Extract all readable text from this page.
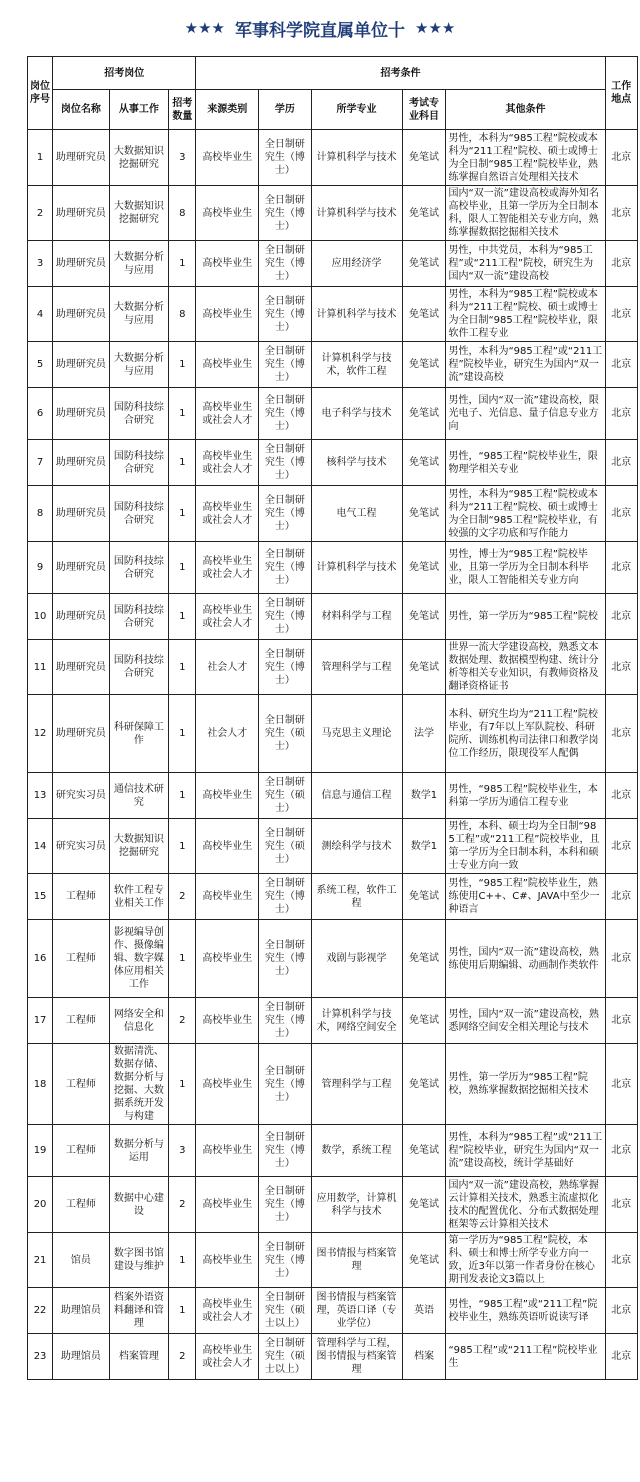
★★★ 军事科学院直属单位十 ★★★
岗位序号	招考岗位			招考条件					工作地点
	岗位名称	从事工作	招考数量	来源类别	学历	所学专业	考试专业科目	其他条件	
1	助理研究员	大数据知识挖掘研究	3	高校毕业生	全日制研究生（博士）	计算机科学与技术	免笔试	男性，本科为“985工程”院校或本科为“211工程”院校、硕士或博士为全日制“985工程”院校毕业，熟练掌握自然语言处理相关技术	北京
2	助理研究员	大数据知识挖掘研究	8	高校毕业生	全日制研究生（博士）	计算机科学与技术	免笔试	国内“双一流”建设高校或海外知名高校毕业，且第一学历为全日制本科，限人工智能相关专业方向，熟练掌握数据挖掘相关技术	北京
3	助理研究员	大数据分析与应用	1	高校毕业生	全日制研究生（博士）	应用经济学	免笔试	男性，中共党员，本科为“985工程”或“211工程”院校，研究生为国内“双一流”建设高校	北京
4	助理研究员	大数据分析与应用	8	高校毕业生	全日制研究生（博士）	计算机科学与技术	免笔试	男性，本科为“985工程”院校或本科为“211工程”院校、硕士或博士为全日制“985工程”院校毕业，限软件工程专业	北京
5	助理研究员	大数据分析与应用	1	高校毕业生	全日制研究生（博士）	计算机科学与技术，软件工程	免笔试	男性，本科为“985工程”或“211工程”院校毕业，研究生为国内“双一流”建设高校	北京
6	助理研究员	国防科技综合研究	1	高校毕业生或社会人才	全日制研究生（博士）	电子科学与技术	免笔试	男性，国内“双一流”建设高校，限光电子、光信息、量子信息专业方向	北京
7	助理研究员	国防科技综合研究	1	高校毕业生或社会人才	全日制研究生（博士）	核科学与技术	免笔试	男性，“985工程”院校毕业生，限物理学相关专业	北京
8	助理研究员	国防科技综合研究	1	高校毕业生或社会人才	全日制研究生（博士）	电气工程	免笔试	男性，本科为“985工程”院校或本科为“211工程”院校、硕士或博士为全日制“985工程”院校毕业，有较强的文字功底和写作能力	北京
9	助理研究员	国防科技综合研究	1	高校毕业生或社会人才	全日制研究生（博士）	计算机科学与技术	免笔试	男性，博士为“985工程”院校毕业，且第一学历为全日制本科毕业，限人工智能相关专业方向	北京
10	助理研究员	国防科技综合研究	1	高校毕业生或社会人才	全日制研究生（博士）	材料科学与工程	免笔试	男性，第一学历为“985工程”院校	北京
11	助理研究员	国防科技综合研究	1	社会人才	全日制研究生（博士）	管理科学与工程	免笔试	世界一流大学建设高校，熟悉文本数据处理、数据模型构建、统计分析等相关专业知识，有教师资格及翻译资格证书	北京
12	助理研究员	科研保障工作	1	社会人才	全日制研究生（硕士）	马克思主义理论	法学	本科、研究生均为“211工程”院校毕业，有7年以上军队院校、科研院所、训练机构司法律口和教学岗位工作经历，限现役军人配偶	北京
13	研究实习员	通信技术研究	1	高校毕业生	全日制研究生（硕士）	信息与通信工程	数学1	男性，“985工程”院校毕业生，本科第一学历为通信工程专业	北京
14	研究实习员	大数据知识挖掘研究	1	高校毕业生	全日制研究生（硕士）	测绘科学与技术	数学1	男性，本科、硕士均为全日制“985工程”或“211工程”院校毕业，且第一学历为全日制本科，本科和硕士专业方向一致	北京
15	工程师	软件工程专业相关工作	2	高校毕业生	全日制研究生（博士）	系统工程，软件工程	免笔试	男性，“985工程”院校毕业生，熟练使用C++、C#、JAVA中至少一种语言	北京
16	工程师	影视编导创作、摄像编辑、数字媒体应用相关工作	1	高校毕业生	全日制研究生（博士）	戏剧与影视学	免笔试	男性，国内“双一流”建设高校，熟练使用后期编辑、动画制作类软件	北京
17	工程师	网络安全和信息化	2	高校毕业生	全日制研究生（博士）	计算机科学与技术，网络空间安全	免笔试	男性，国内“双一流”建设高校，熟悉网络空间安全相关理论与技术	北京
18	工程师	数据清洗、数据存储、数据分析与挖掘、大数据系统开发与构建	1	高校毕业生	全日制研究生（博士）	管理科学与工程	免笔试	男性，第一学历为“985工程”院校，熟练掌握数据挖掘相关技术	北京
19	工程师	数据分析与运用	3	高校毕业生	全日制研究生（博士）	数学，系统工程	免笔试	男性，本科为“985工程”或“211工程”院校毕业，研究生为国内“双一流”建设高校，统计学基础好	北京
20	工程师	数据中心建设	2	高校毕业生	全日制研究生（博士）	应用数学，计算机科学与技术	免笔试	国内“双一流”建设高校，熟练掌握云计算相关技术，熟悉主流虚拟化技术的配置优化、分布式数据处理框架等云计算相关技术	北京
21	馆员	数字图书馆建设与维护	1	高校毕业生	全日制研究生（博士）	图书情报与档案管理	免笔试	第一学历为“985工程”院校，本科、硕士和博士所学专业方向一致，近3年以第一作者身份在核心期刊发表论文3篇以上	北京
22	助理馆员	档案外语资料翻译和管理	1	高校毕业生或社会人才	全日制研究生（硕士以上）	图书情报与档案管理，英语口译（专业学位）	英语	男性，“985工程”或“211工程”院校毕业生，熟练英语听说读写译	北京
23	助理馆员	档案管理	2	高校毕业生或社会人才	全日制研究生（硕士以上）	管理科学与工程，图书情报与档案管理	档案	“985工程”或“211工程”院校毕业生	北京
